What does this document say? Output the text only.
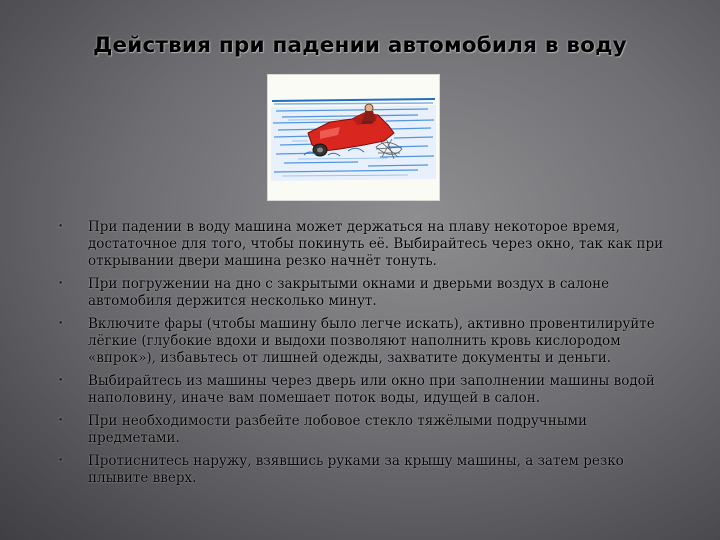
Действия при падении автомобиля в воду
• При падении в воду машина может держаться на плаву некоторое время, достаточное для того, чтобы покинуть её. Выбирайтесь через окно, так как при открывании двери машина резко начнёт тонуть.
• При погружении на дно с закрытыми окнами и дверьми воздух в салоне автомобиля держится несколько минут.
• Включите фары (чтобы машину было легче искать), активно провентилируйте лёгкие (глубокие вдохи и выдохи позволяют наполнить кровь кислородом «впрок»), избавьтесь от лишней одежды, захватите документы и деньги.
• Выбирайтесь из машины через дверь или окно при заполнении машины водой наполовину, иначе вам помешает поток воды, идущей в салон.
• При необходимости разбейте лобовое стекло тяжёлыми подручными предметами.
• Протиснитесь наружу, взявшись руками за крышу машины, а затем резко плывите вверх.
